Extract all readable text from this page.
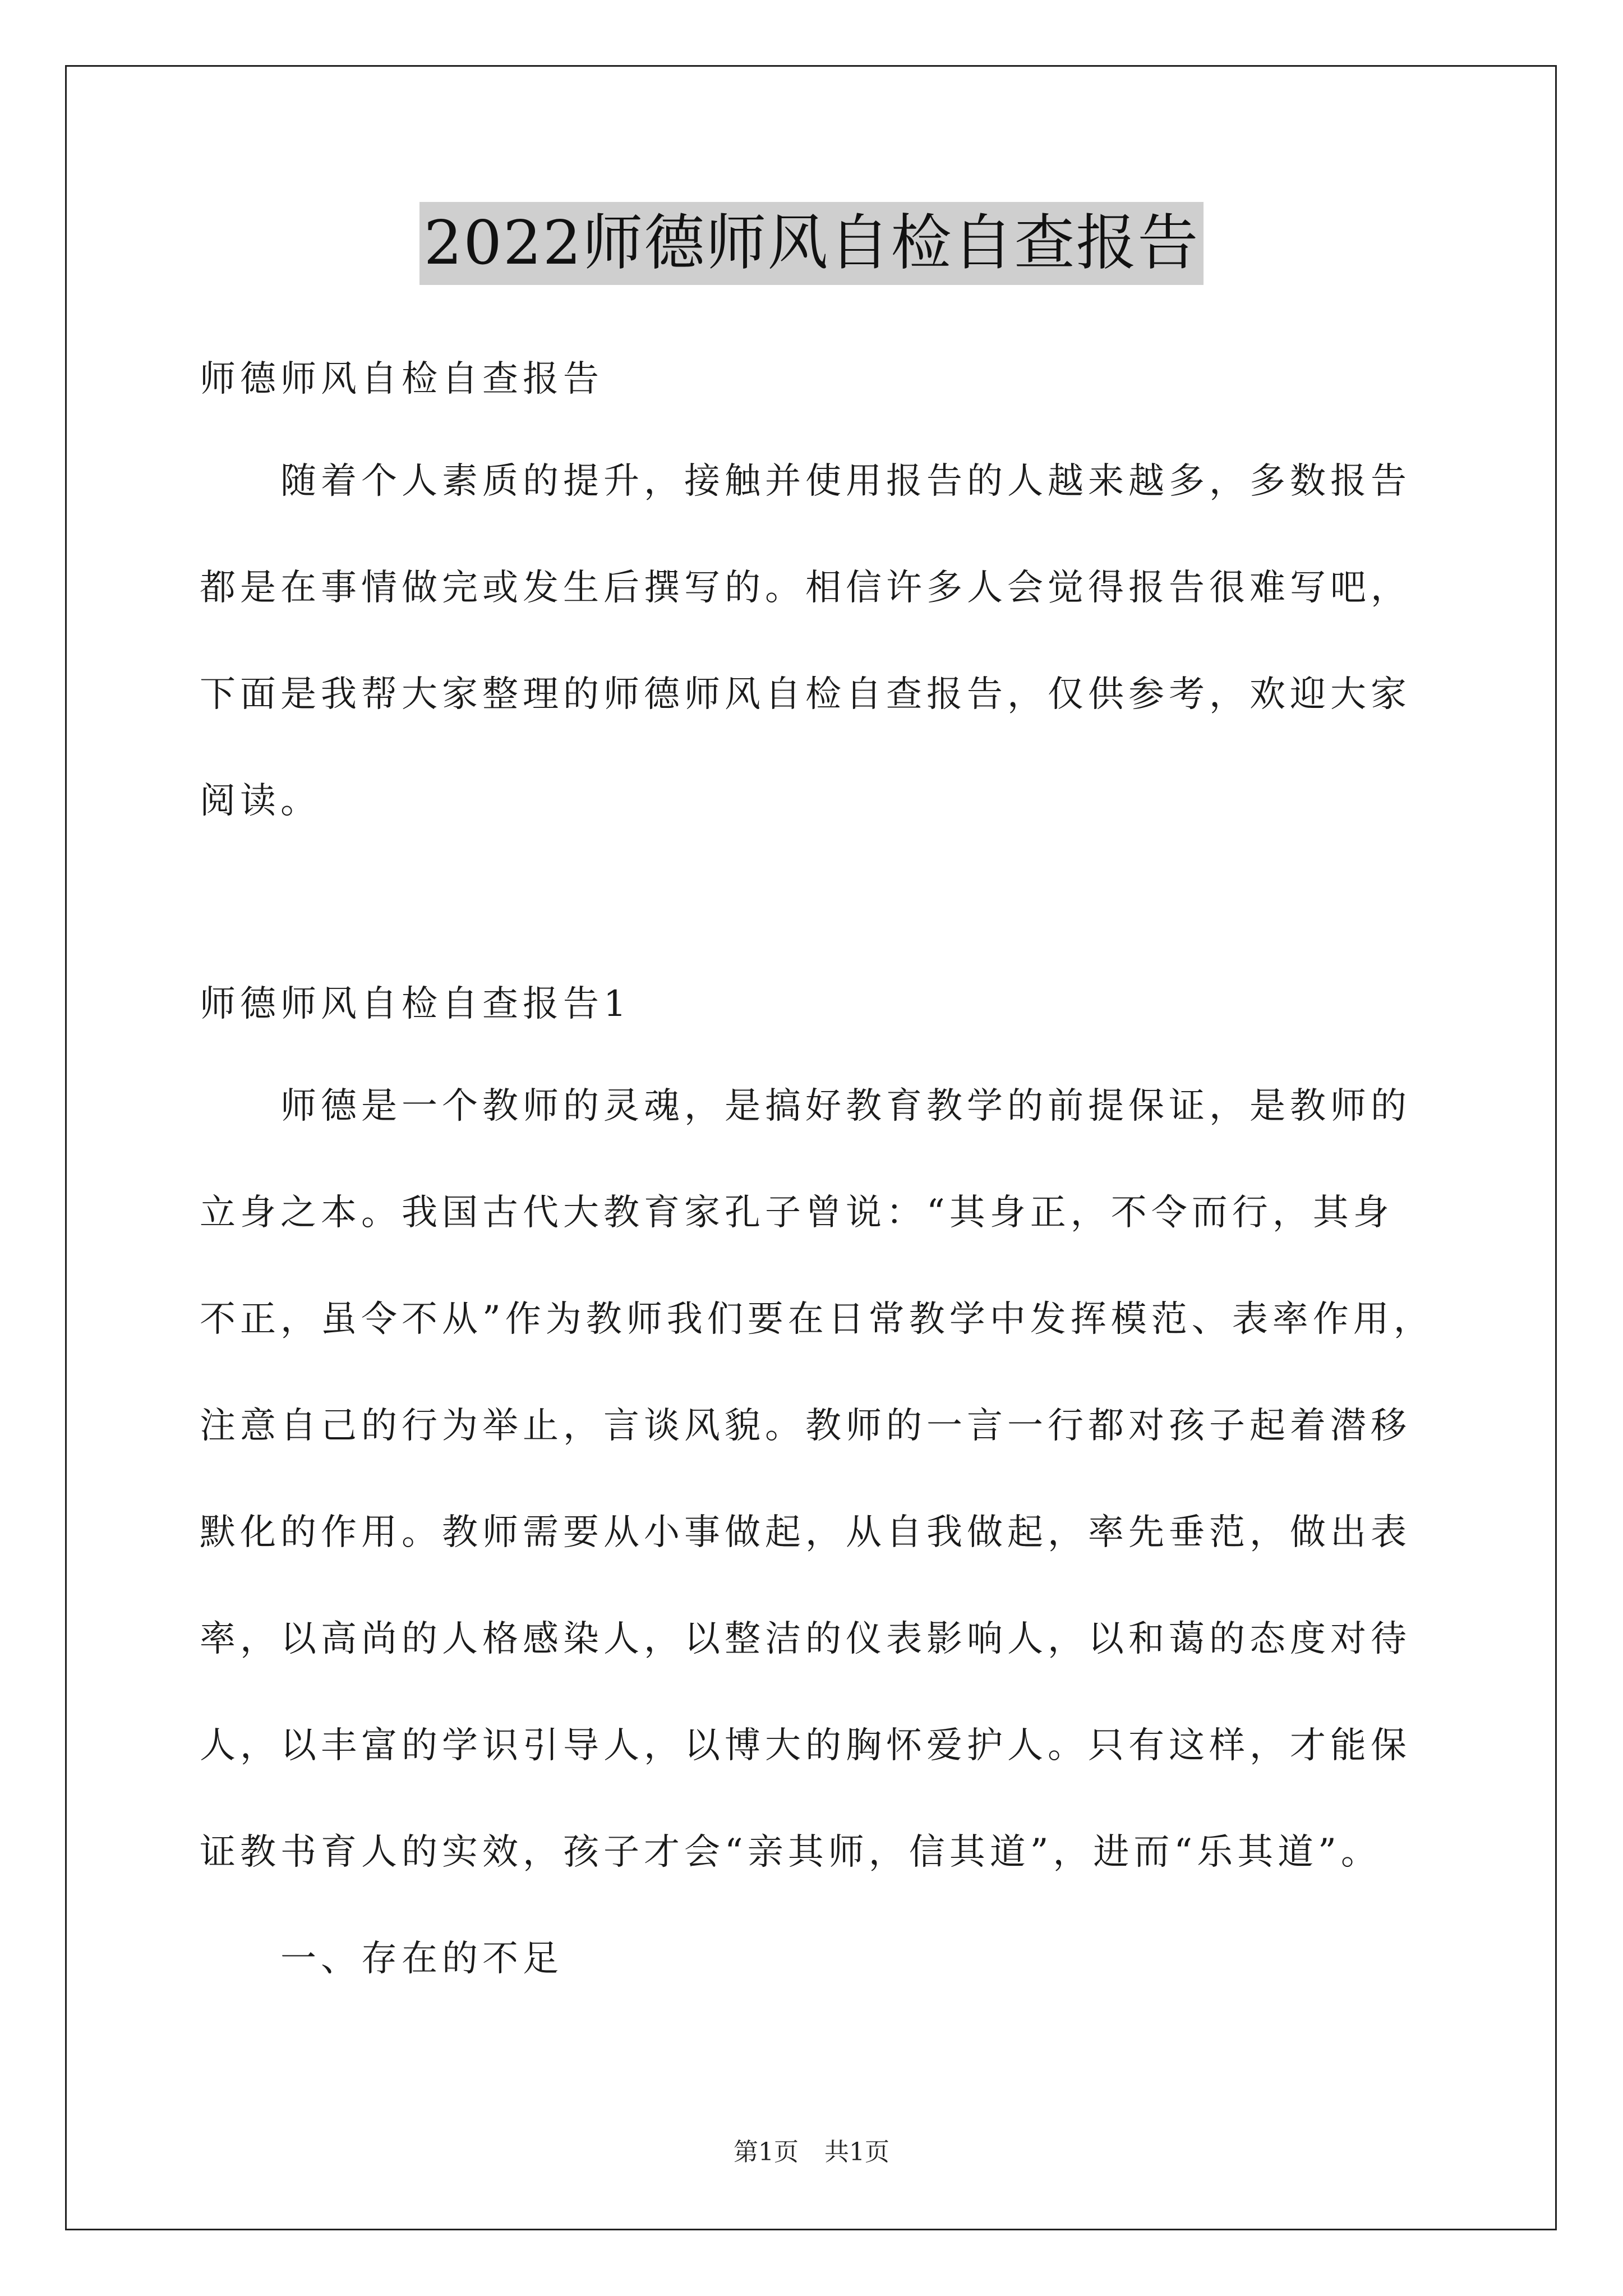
2022师德师风自检自查报告
师德师风自检自查报告
随着个人素质的提升，接触并使用报告的人越来越多，多数报告
都是在事情做完或发生后撰写的。相信许多人会觉得报告很难写吧，
下面是我帮大家整理的师德师风自检自查报告，仅供参考，欢迎大家
阅读。
师德师风自检自查报告1
师德是一个教师的灵魂，是搞好教育教学的前提保证，是教师的
立身之本。我国古代大教育家孔子曾说：“其身正，不令而行，其身
不正，虽令不从”作为教师我们要在日常教学中发挥模范、表率作用，
注意自己的行为举止，言谈风貌。教师的一言一行都对孩子起着潜移
默化的作用。教师需要从小事做起，从自我做起，率先垂范，做出表
率，以高尚的人格感染人，以整洁的仪表影响人，以和蔼的态度对待
人，以丰富的学识引导人，以博大的胸怀爱护人。只有这样，才能保
证教书育人的实效，孩子才会“亲其师，信其道”，进而“乐其道”。
一、存在的不足
第1页 共1页
